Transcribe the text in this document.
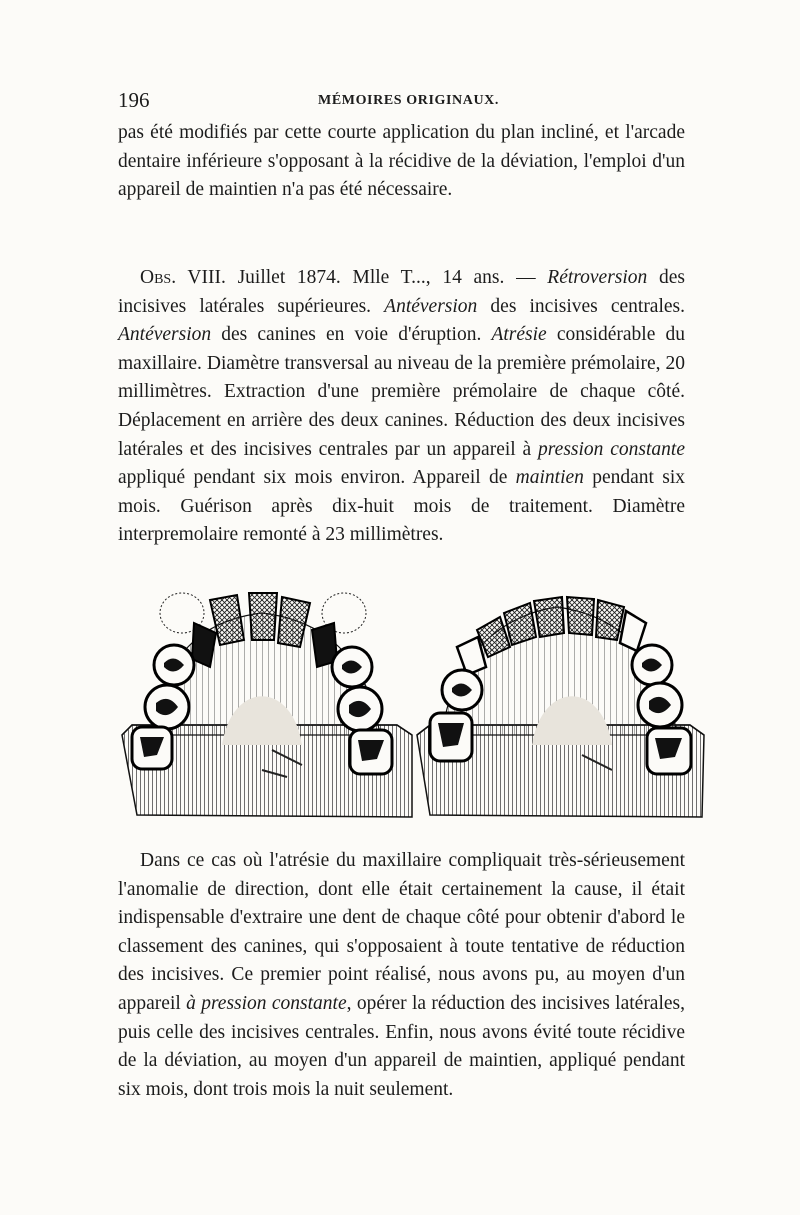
196	MÉMOIRES ORIGINAUX.

pas été modifiés par cette courte application du plan incliné, et l'arcade dentaire inférieure s'opposant à la récidive de la déviation, l'emploi d'un appareil de maintien n'a pas été nécessaire.

Obs. VIII. Juillet 1874. Mlle T..., 14 ans. — Rétroversion des incisives latérales supérieures. Antéversion des incisives centrales. Antéversion des canines en voie d'éruption. Atrésie considérable du maxillaire. Diamètre transversal au niveau de la première prémolaire, 20 millimètres. Extraction d'une première prémolaire de chaque côté. Déplacement en arrière des deux canines. Réduction des deux incisives latérales et des incisives centrales par un appareil à pression constante appliqué pendant six mois environ. Appareil de maintien pendant six mois. Guérison après dix-huit mois de traitement. Diamètre interpremolaire remonté à 23 millimètres.

Dans ce cas où l'atrésie du maxillaire compliquait très-sérieusement l'anomalie de direction, dont elle était certainement la cause, il était indispensable d'extraire une dent de chaque côté pour obtenir d'abord le classement des canines, qui s'opposaient à toute tentative de réduction des incisives. Ce premier point réalisé, nous avons pu, au moyen d'un appareil à pression constante, opérer la réduction des incisives latérales, puis celle des incisives centrales. Enfin, nous avons évité toute récidive de la déviation, au moyen d'un appareil de maintien, appliqué pendant six mois, dont trois mois la nuit seulement.
